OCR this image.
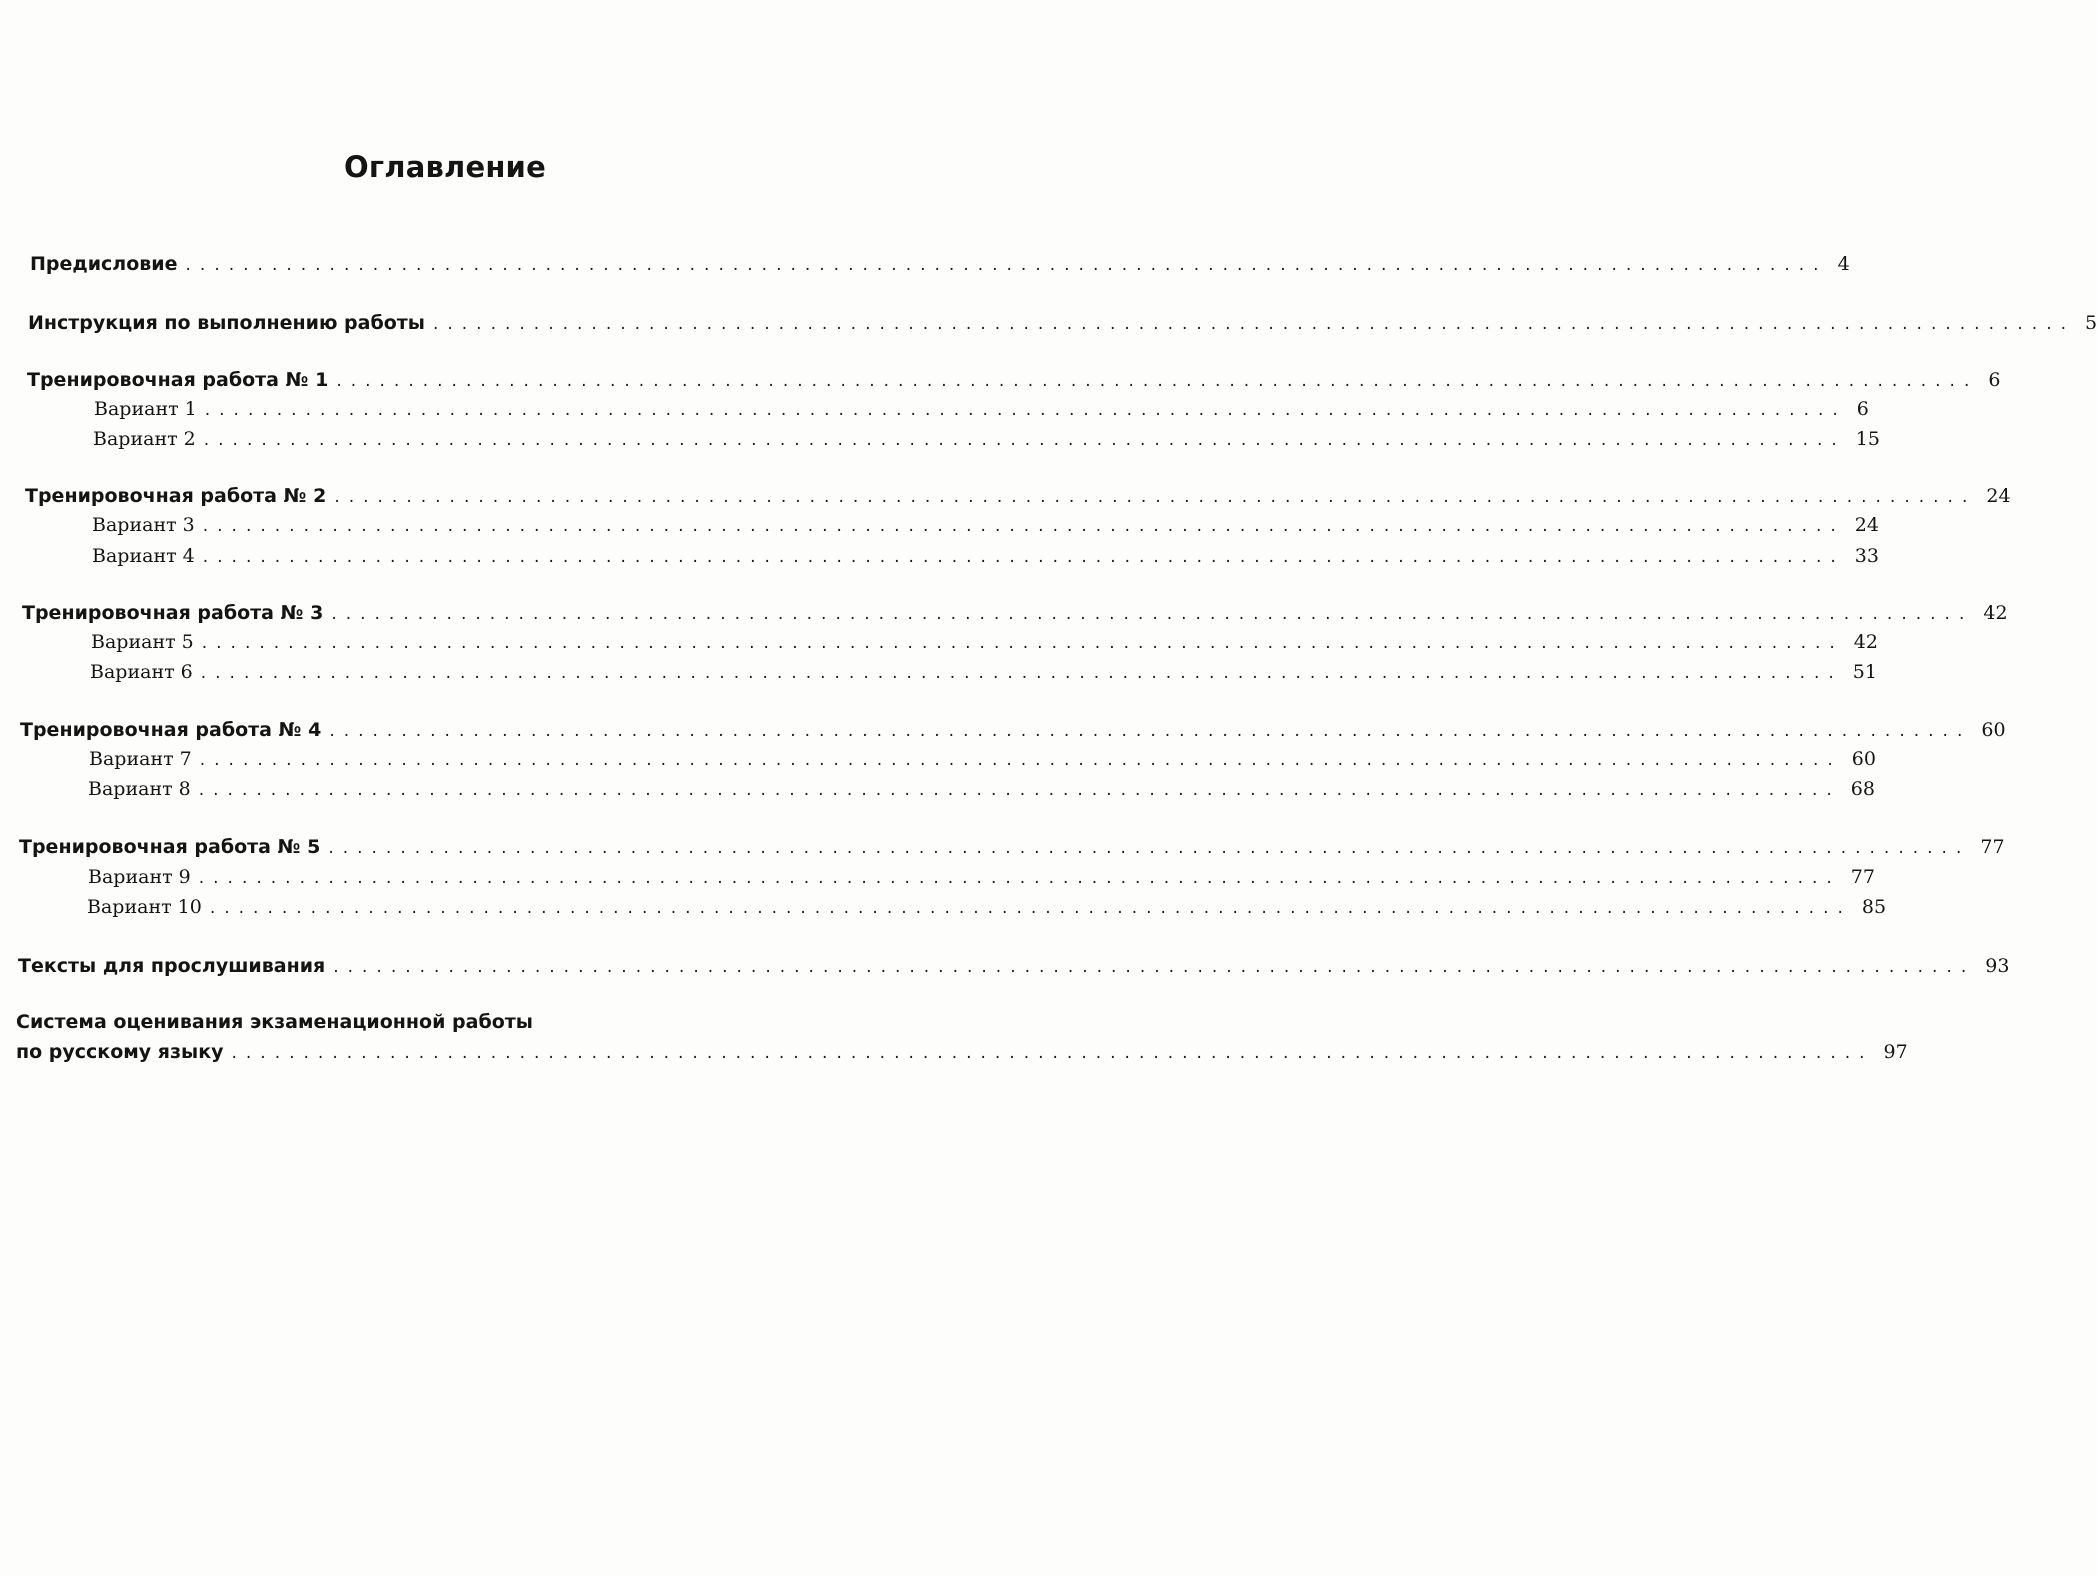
Оглавление
Предисловие .................................................................................................................. 4
Инструкция по выполнению работы .................................................................................................................. 5
Тренировочная работа № 1 .................................................................................................................. 6
Вариант 1 .................................................................................................................. 6
Вариант 2 .................................................................................................................. 15
Тренировочная работа № 2 .................................................................................................................. 24
Вариант 3 .................................................................................................................. 24
Вариант 4 .................................................................................................................. 33
Тренировочная работа № 3 .................................................................................................................. 42
Вариант 5 .................................................................................................................. 42
Вариант 6 .................................................................................................................. 51
Тренировочная работа № 4 .................................................................................................................. 60
Вариант 7 .................................................................................................................. 60
Вариант 8 .................................................................................................................. 68
Тренировочная работа № 5 .................................................................................................................. 77
Вариант 9 .................................................................................................................. 77
Вариант 10 .................................................................................................................. 85
Тексты для прослушивания .................................................................................................................. 93
Система оценивания экзаменационной работы
по русскому языку .................................................................................................................. 97
